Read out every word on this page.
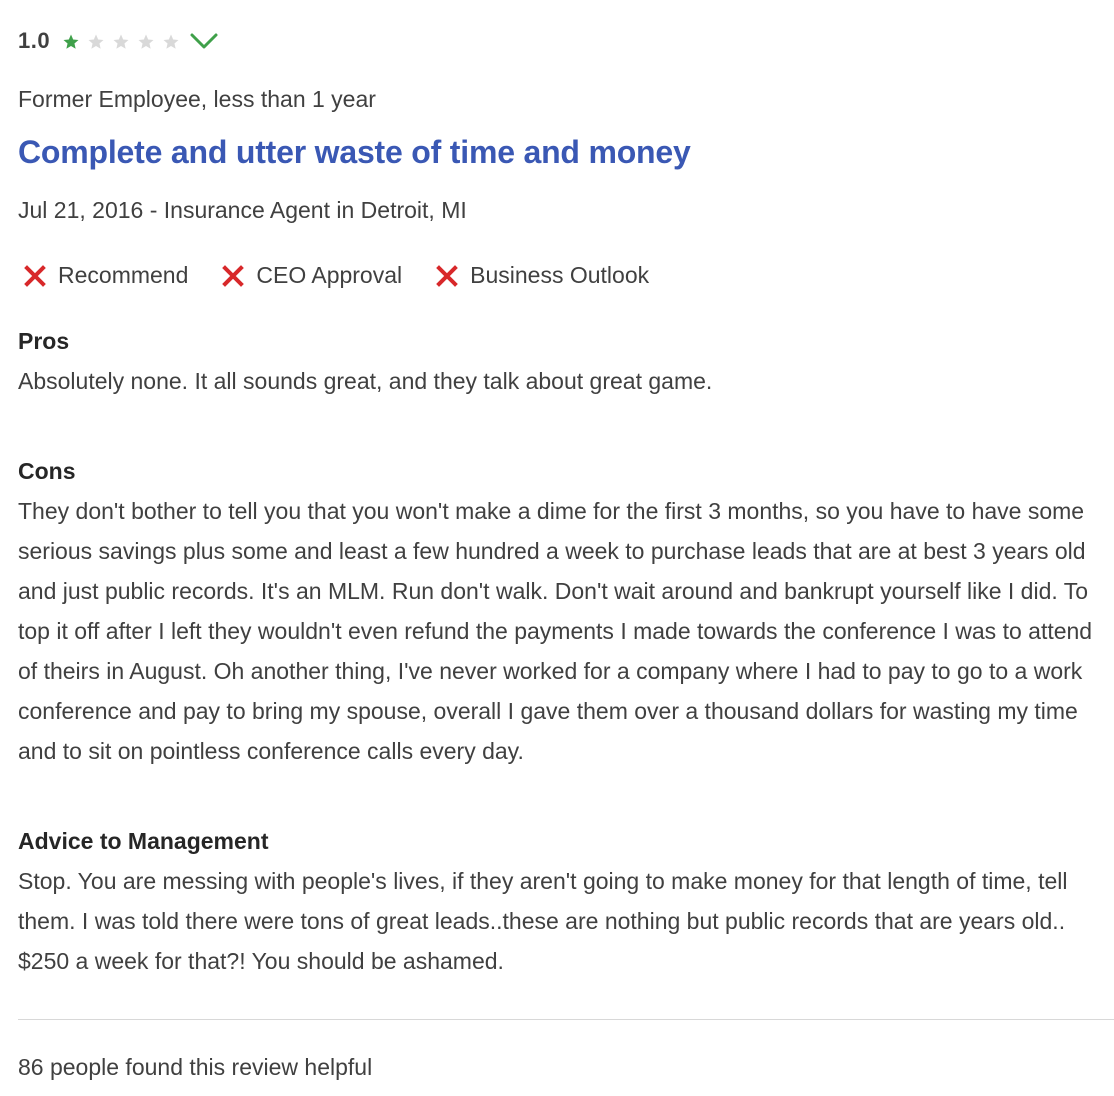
1.0
Former Employee, less than 1 year
Complete and utter waste of time and money
Jul 21, 2016 - Insurance Agent in Detroit, MI
Recommend	CEO Approval	Business Outlook
Pros
Absolutely none. It all sounds great, and they talk about great game.
Cons
They don't bother to tell you that you won't make a dime for the first 3 months, so you have to have some serious savings plus some and least a few hundred a week to purchase leads that are at best 3 years old and just public records. It's an MLM. Run don't walk. Don't wait around and bankrupt yourself like I did. To top it off after I left they wouldn't even refund the payments I made towards the conference I was to attend of theirs in August. Oh another thing, I've never worked for a company where I had to pay to go to a work conference and pay to bring my spouse, overall I gave them over a thousand dollars for wasting my time and to sit on pointless conference calls every day.
Advice to Management
Stop. You are messing with people's lives, if they aren't going to make money for that length of time, tell them. I was told there were tons of great leads..these are nothing but public records that are years old.. $250 a week for that?! You should be ashamed.
86 people found this review helpful
